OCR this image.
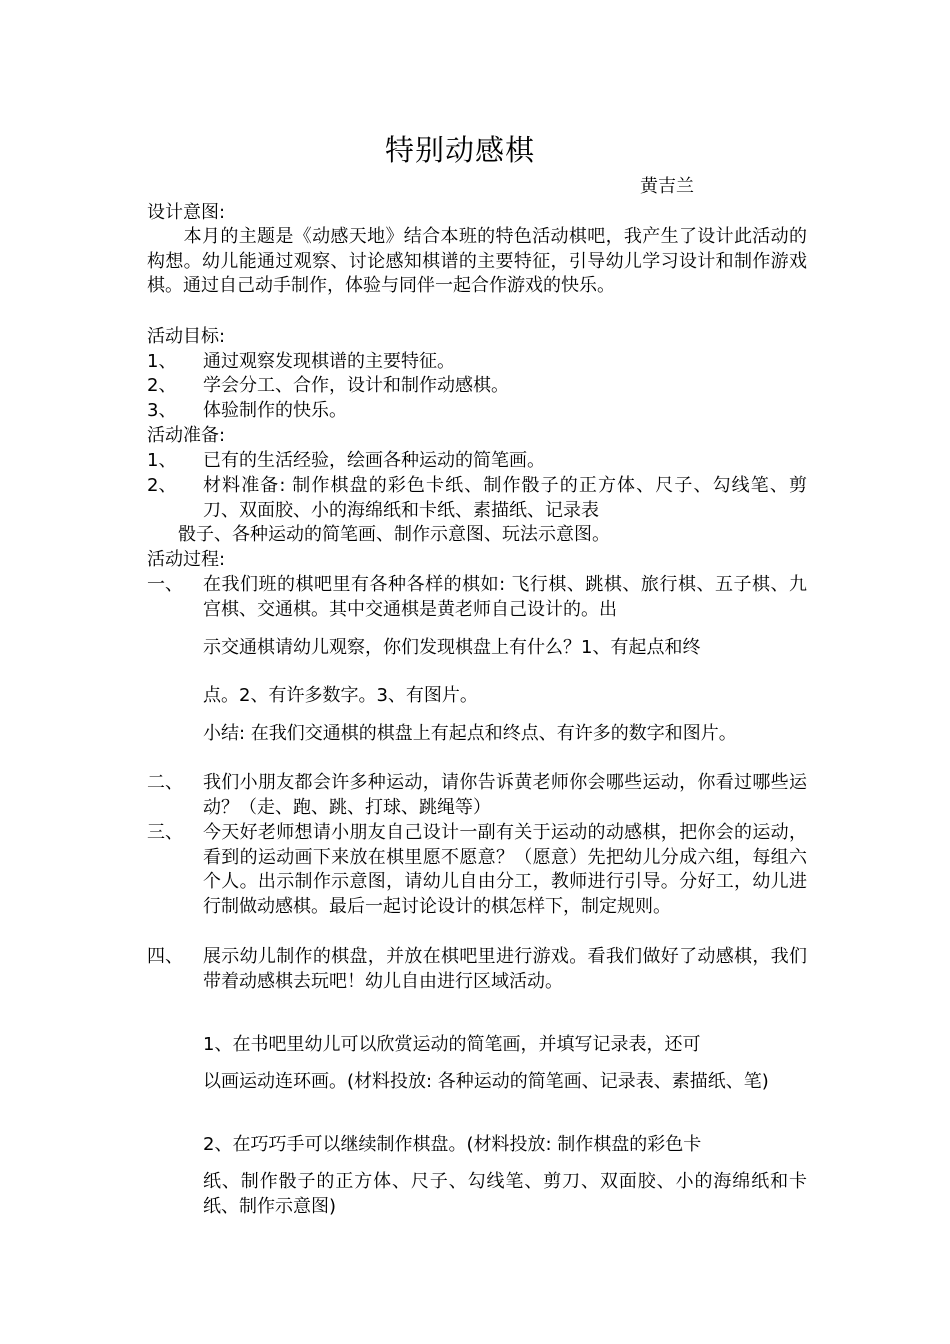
特别动感棋
黄吉兰
设计意图:
　　本月的主题是《动感天地》结合本班的特色活动棋吧，我产生了设计此活动的构想。幼儿能通过观察、讨论感知棋谱的主要特征，引导幼儿学习设计和制作游戏棋。通过自己动手制作，体验与同伴一起合作游戏的快乐。
活动目标:
1、 通过观察发现棋谱的主要特征。
2、 学会分工、合作，设计和制作动感棋。
3、 体验制作的快乐。
活动准备:
1、 已有的生活经验，绘画各种运动的简笔画。
2、 材料准备: 制作棋盘的彩色卡纸、制作骰子的正方体、尺子、勾线笔、剪刀、双面胶、小的海绵纸和卡纸、素描纸、记录表
骰子、各种运动的简笔画、制作示意图、玩法示意图。
活动过程:
一、 在我们班的棋吧里有各种各样的棋如: 飞行棋、跳棋、旅行棋、五子棋、九宫棋、交通棋。其中交通棋是黄老师自己设计的。出
示交通棋请幼儿观察，你们发现棋盘上有什么？1、有起点和终
点。2、有许多数字。3、有图片。
小结: 在我们交通棋的棋盘上有起点和终点、有许多的数字和图片。
二、 我们小朋友都会许多种运动，请你告诉黄老师你会哪些运动，你看过哪些运动？（走、跑、跳、打球、跳绳等）
三、 今天好老师想请小朋友自己设计一副有关于运动的动感棋，把你会的运动，看到的运动画下来放在棋里愿不愿意？（愿意）先把幼儿分成六组，每组六个人。出示制作示意图，请幼儿自由分工，教师进行引导。分好工，幼儿进行制做动感棋。最后一起讨论设计的棋怎样下，制定规则。
四、 展示幼儿制作的棋盘，并放在棋吧里进行游戏。看我们做好了动感棋，我们带着动感棋去玩吧！幼儿自由进行区域活动。
1、在书吧里幼儿可以欣赏运动的简笔画，并填写记录表，还可
以画运动连环画。(材料投放: 各种运动的简笔画、记录表、素描纸、笔)
2、在巧巧手可以继续制作棋盘。(材料投放: 制作棋盘的彩色卡
纸、制作骰子的正方体、尺子、勾线笔、剪刀、双面胶、小的海绵纸和卡纸、制作示意图)
